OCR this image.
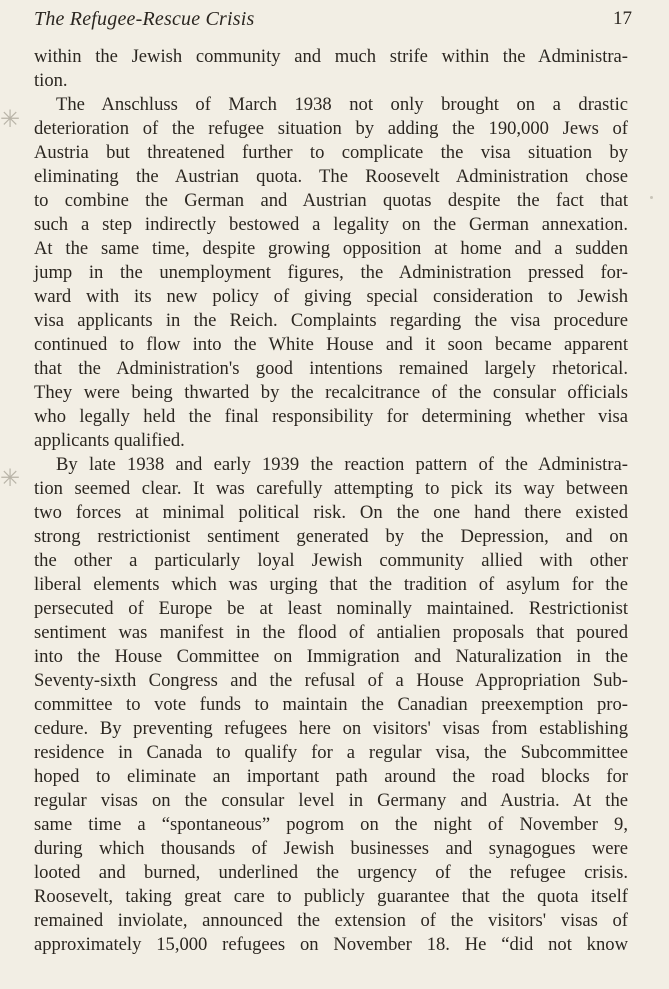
The Refugee-Rescue Crisis	17
✳
✳
within the Jewish community and much strife within the Administra-
tion.
The Anschluss of March 1938 not only brought on a drastic
deterioration of the refugee situation by adding the 190,000 Jews of
Austria but threatened further to complicate the visa situation by
eliminating the Austrian quota. The Roosevelt Administration chose
to combine the German and Austrian quotas despite the fact that
such a step indirectly bestowed a legality on the German annexation.
At the same time, despite growing opposition at home and a sudden
jump in the unemployment figures, the Administration pressed for-
ward with its new policy of giving special consideration to Jewish
visa applicants in the Reich. Complaints regarding the visa procedure
continued to flow into the White House and it soon became apparent
that the Administration's good intentions remained largely rhetorical.
They were being thwarted by the recalcitrance of the consular officials
who legally held the final responsibility for determining whether visa
applicants qualified.
By late 1938 and early 1939 the reaction pattern of the Administra-
tion seemed clear. It was carefully attempting to pick its way between
two forces at minimal political risk. On the one hand there existed
strong restrictionist sentiment generated by the Depression, and on
the other a particularly loyal Jewish community allied with other
liberal elements which was urging that the tradition of asylum for the
persecuted of Europe be at least nominally maintained. Restrictionist
sentiment was manifest in the flood of antialien proposals that poured
into the House Committee on Immigration and Naturalization in the
Seventy-sixth Congress and the refusal of a House Appropriation Sub-
committee to vote funds to maintain the Canadian preexemption pro-
cedure. By preventing refugees here on visitors' visas from establishing
residence in Canada to qualify for a regular visa, the Subcommittee
hoped to eliminate an important path around the road blocks for
regular visas on the consular level in Germany and Austria. At the
same time a “spontaneous” pogrom on the night of November 9,
during which thousands of Jewish businesses and synagogues were
looted and burned, underlined the urgency of the refugee crisis.
Roosevelt, taking great care to publicly guarantee that the quota itself
remained inviolate, announced the extension of the visitors' visas of
approximately 15,000 refugees on November 18. He “did not know
